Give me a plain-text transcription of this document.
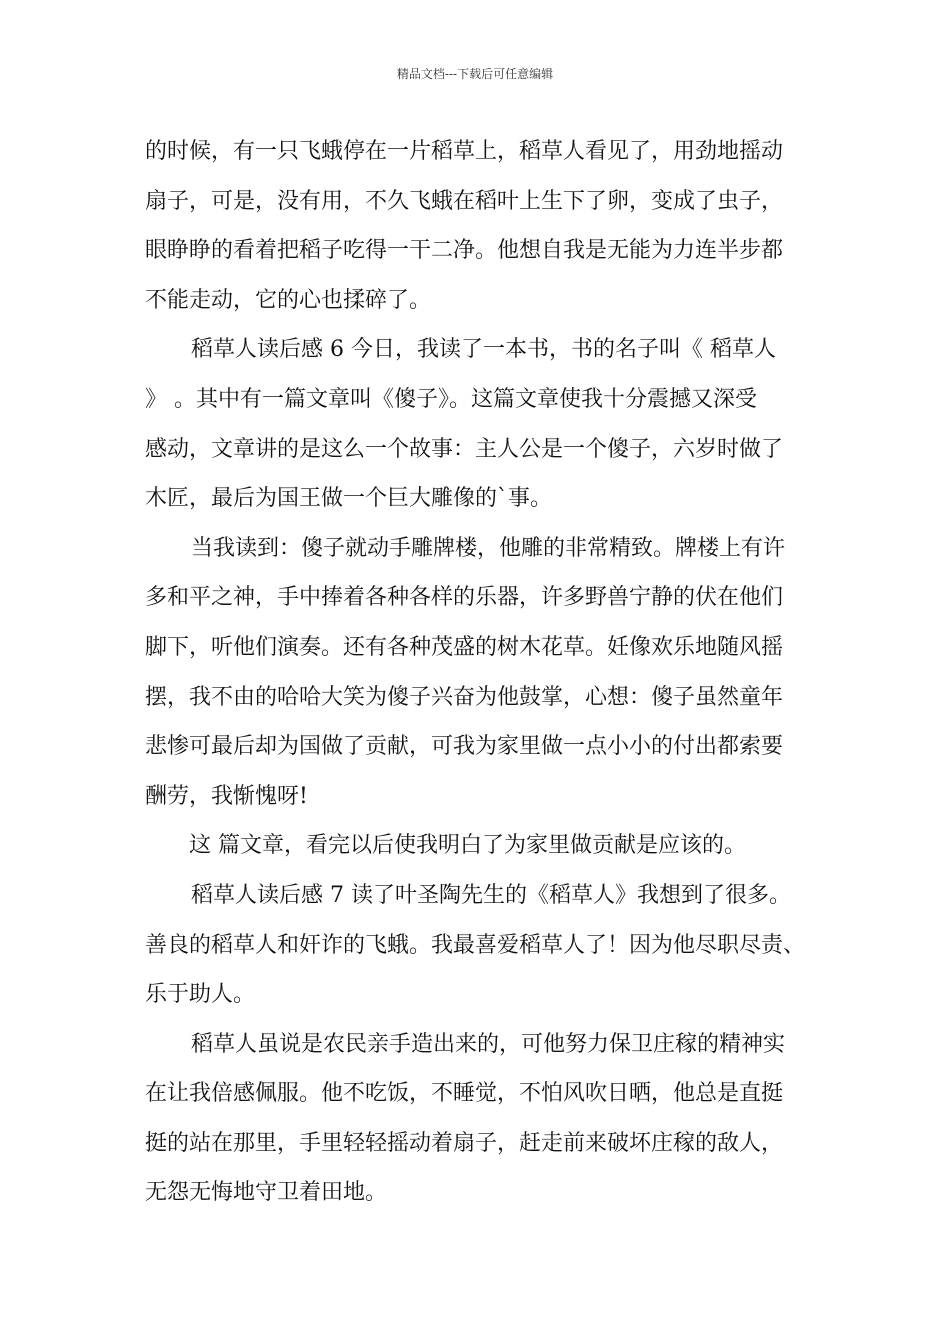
精品文档---下载后可任意编辑
的时候，有一只飞蛾停在一片稻草上，稻草人看见了，用劲地摇动
扇子，可是，没有用，不久飞蛾在稻叶上生下了卵，变成了虫子，
眼睁睁的看着把稻子吃得一干二净。他想自我是无能为力连半步都
不能走动，它的心也揉碎了。
稻草人读后感 6 今日，我读了一本书，书的名子叫《 稻草人
》 。其中有一篇文章叫《傻子》。这篇文章使我十分震撼又深受
感动，文章讲的是这么一个故事：主人公是一个傻子，六岁时做了
木匠，最后为国王做一个巨大雕像的`事。
当我读到：傻子就动手雕牌楼，他雕的非常精致。牌楼上有许
多和平之神，手中捧着各种各样的乐器，许多野兽宁静的伏在他们
脚下，听他们演奏。还有各种茂盛的树木花草。妊像欢乐地随风摇
摆，我不由的哈哈大笑为傻子兴奋为他鼓掌，心想：傻子虽然童年
悲惨可最后却为国做了贡献，可我为家里做一点小小的付出都索要
酬劳，我惭愧呀!
这 篇文章，看完以后使我明白了为家里做贡献是应该的。
稻草人读后感 7 读了叶圣陶先生的《稻草人》我想到了很多。
善良的稻草人和奸诈的飞蛾。我最喜爱稻草人了！因为他尽职尽责、
乐于助人。
稻草人虽说是农民亲手造出来的，可他努力保卫庄稼的精神实
在让我倍感佩服。他不吃饭，不睡觉，不怕风吹日晒，他总是直挺
挺的站在那里，手里轻轻摇动着扇子，赶走前来破坏庄稼的敌人，
无怨无悔地守卫着田地。
